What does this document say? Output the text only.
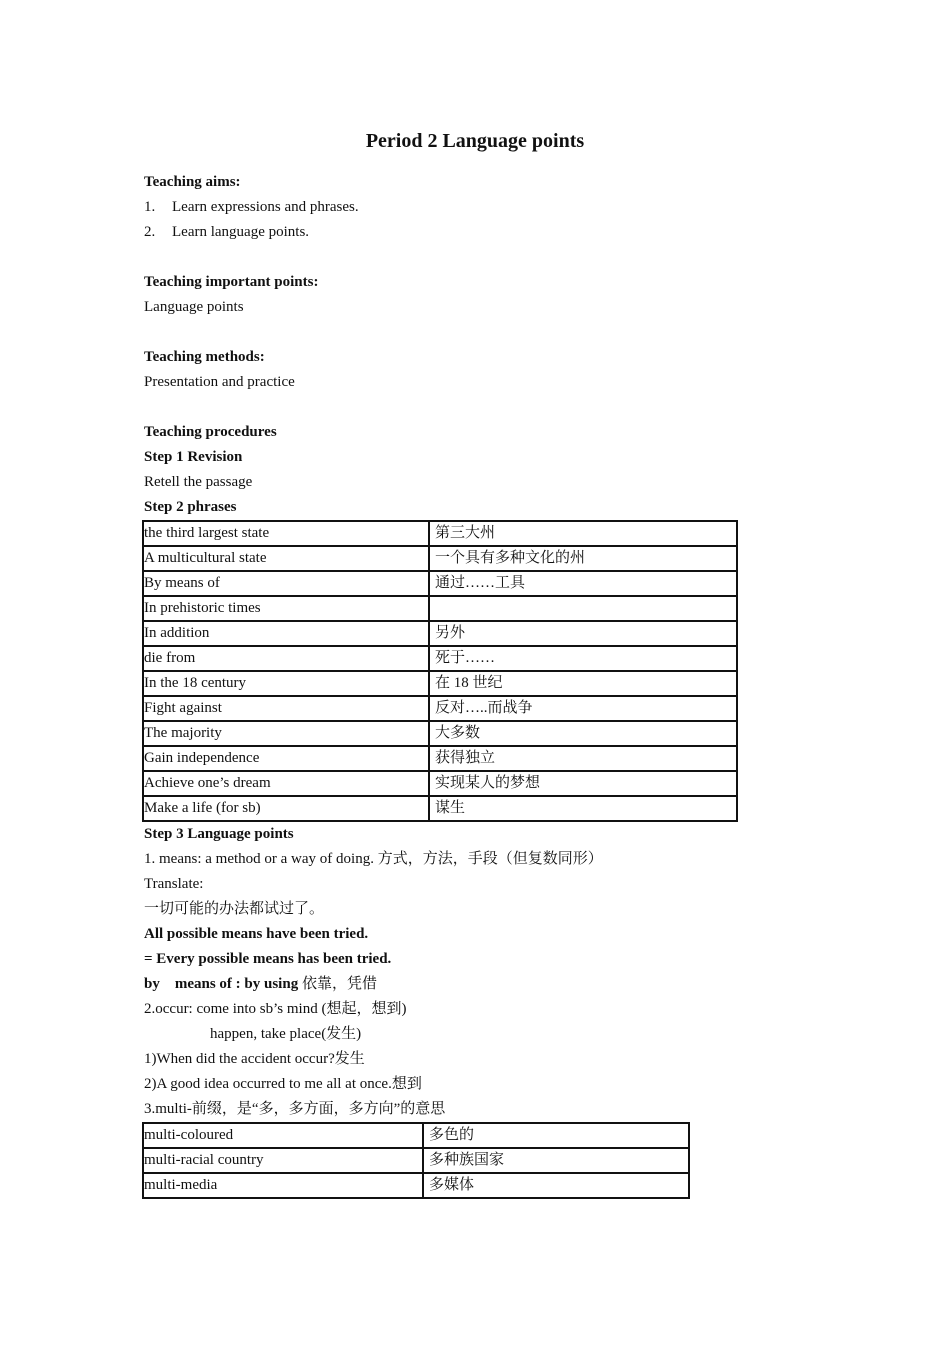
Period 2 Language points
Teaching aims:
1. Learn expressions and phrases.
2. Learn language points.
Teaching important points:
Language points
Teaching methods:
Presentation and practice
Teaching procedures
Step 1 Revision
Retell the passage
Step 2 phrases
the third largest state	第三大州
A multicultural state	一个具有多种文化的州
By means of	通过……工具
In prehistoric times	
In addition	另外
die from	死于……
In the 18 century	在 18 世纪
Fight against	反对…..而战争
The majority	大多数
Gain independence	获得独立
Achieve one’s dream	实现某人的梦想
Make a life (for sb)	谋生
Step 3 Language points
1. means: a method or a way of doing. 方式，方法，手段（但复数同形）
Translate:
一切可能的办法都试过了。
All possible means have been tried.
= Every possible means has been tried.
by　means of : by using 依靠，凭借
2.occur: come into sb’s mind (想起，想到)
happen, take place(发生)
1)When did the accident occur?发生
2)A good idea occurred to me all at once.想到
3.multi-前缀，是“多，多方面，多方向”的意思
multi-coloured	多色的
multi-racial country	多种族国家
multi-media	多媒体
